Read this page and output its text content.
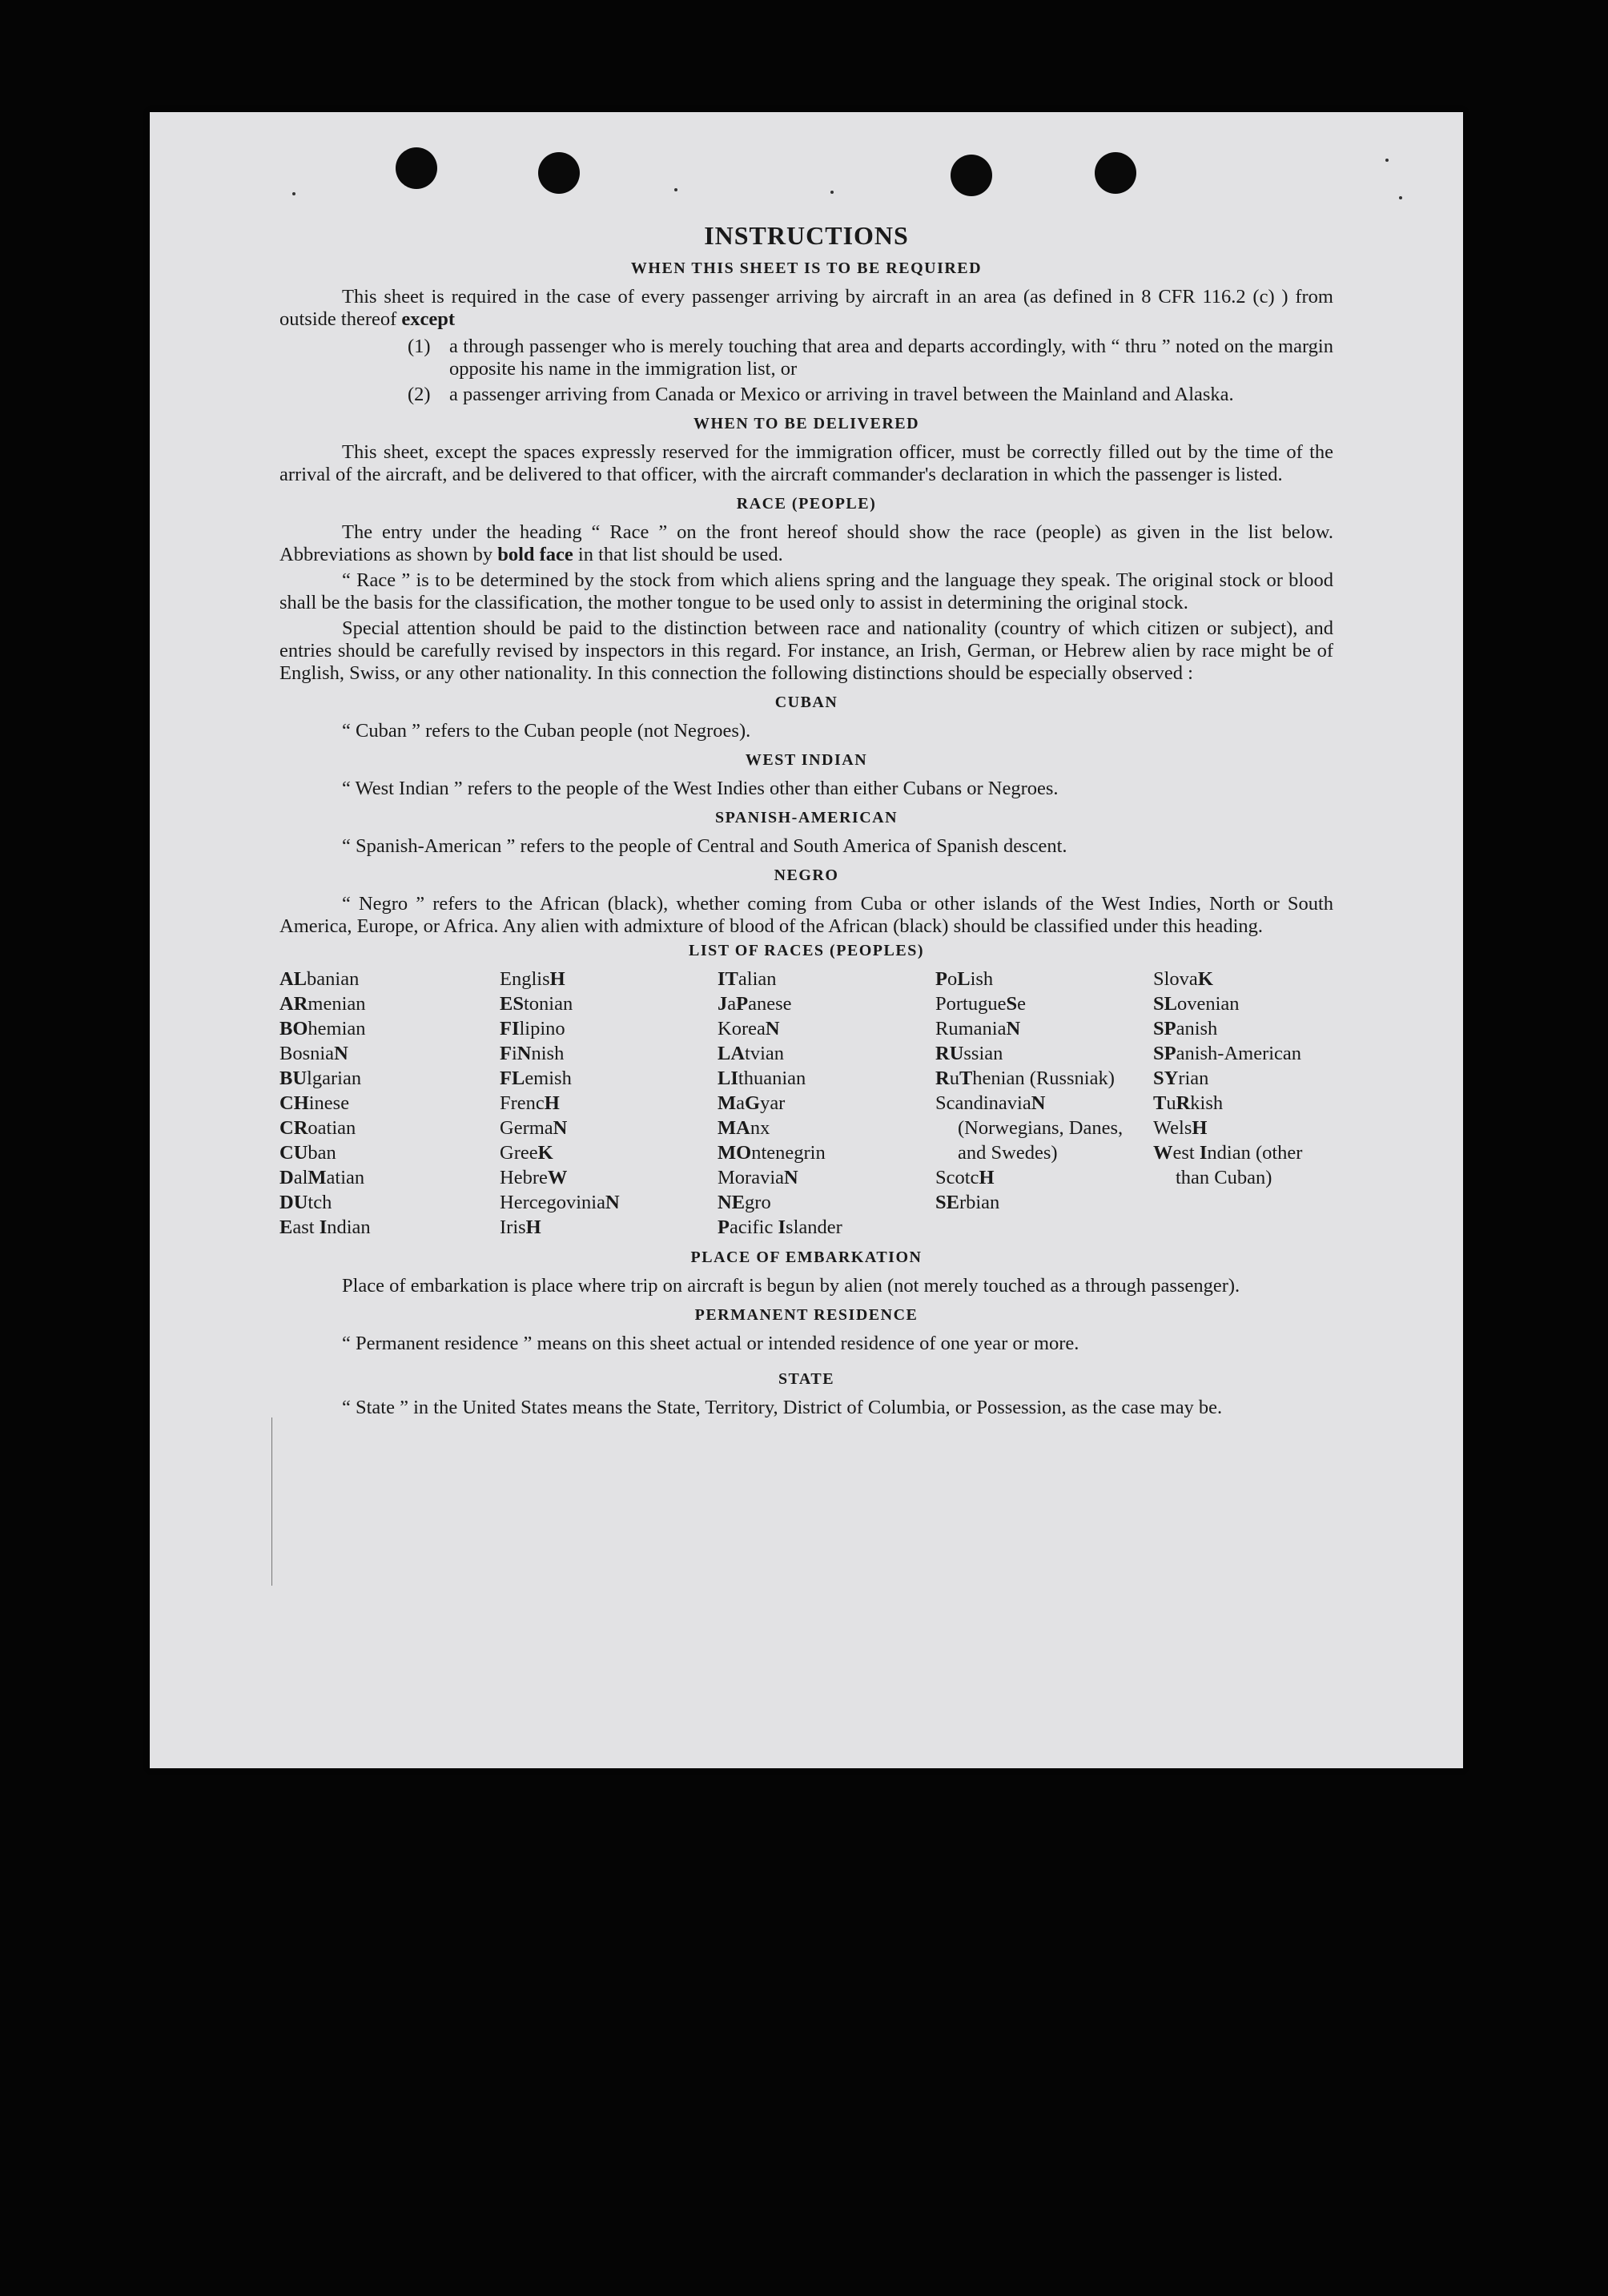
INSTRUCTIONS
WHEN THIS SHEET IS TO BE REQUIRED

This sheet is required in the case of every passenger arriving by aircraft in an area (as defined in 8 CFR 116.2 (c) ) from outside thereof except

(1) a through passenger who is merely touching that area and departs accordingly, with “ thru ” noted on the margin opposite his name in the immigration list, or
(2) a passenger arriving from Canada or Mexico or arriving in travel between the Mainland and Alaska.
WHEN TO BE DELIVERED

This sheet, except the spaces expressly reserved for the immigration officer, must be correctly filled out by the time of the arrival of the aircraft, and be delivered to that officer, with the aircraft commander's declaration in which the passenger is listed.

RACE (PEOPLE)

The entry under the heading “ Race ” on the front hereof should show the race (people) as given in the list below. Abbreviations as shown by bold face in that list should be used.

“ Race ” is to be determined by the stock from which aliens spring and the language they speak. The original stock or blood shall be the basis for the classification, the mother tongue to be used only to assist in determining the original stock.

Special attention should be paid to the distinction between race and nationality (country of which citizen or subject), and entries should be carefully revised by inspectors in this regard. For instance, an Irish, German, or Hebrew alien by race might be of English, Swiss, or any other nationality. In this connection the following distinctions should be especially observed :

CUBAN

“ Cuban ” refers to the Cuban people (not Negroes).

WEST INDIAN

“ West Indian ” refers to the people of the West Indies other than either Cubans or Negroes.

SPANISH-AMERICAN

“ Spanish-American ” refers to the people of Central and South America of Spanish descent.

NEGRO

“ Negro ” refers to the African (black), whether coming from Cuba or other islands of the West Indies, North or South America, Europe, or Africa. Any alien with admixture of blood of the African (black) should be classified under this heading.

LIST OF RACES (PEOPLES)
ALbanian
ARmenian
BOhemian
BosniaN
BUlgarian
CHinese
CRoatian
CUban
DalMatian
DUtch
East Indian
EnglisH
EStonian
FIlipino
FiNnish
FLemish
FrencH
GermaN
GreeK
HebreW
HercegoviniaN
IrisH
ITalian
JaPanese
KoreaN
LAtvian
LIthuanian
MaGyar
MAnx
MOntenegrin
MoraviaN
NEgro
Pacific Islander
PoLish
PortugueSe
RumaniaN
RUssian
RuThenian (Russniak)
ScandinaviaN (Norwegians, Danes, and Swedes)
ScotcH
SErbian
SlovaK
SLovenian
SPanish
SPanish-American
SYrian
TuRkish
WelsH
West Indian (other than Cuban)
PLACE OF EMBARKATION

Place of embarkation is place where trip on aircraft is begun by alien (not merely touched as a through passenger).

PERMANENT RESIDENCE

“ Permanent residence ” means on this sheet actual or intended residence of one year or more.

STATE

“ State ” in the United States means the State, Territory, District of Columbia, or Possession, as the case may be.
